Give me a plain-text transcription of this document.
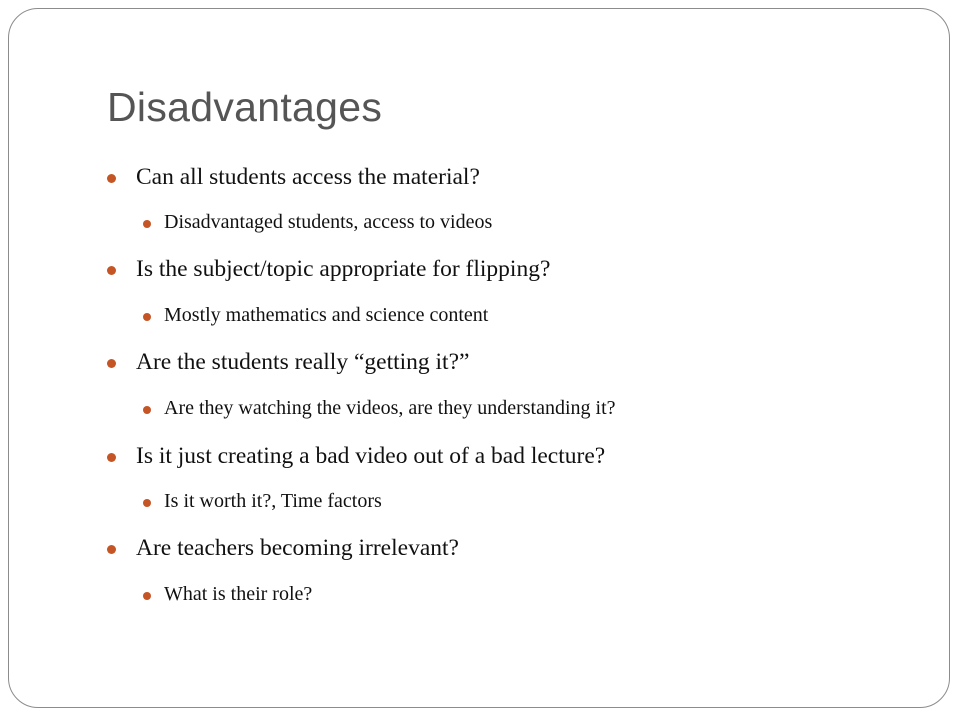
Disadvantages
Can all students access the material?
Disadvantaged students, access to videos
Is the subject/topic appropriate for flipping?
Mostly mathematics and science content
Are the students really “getting it?”
Are they watching the videos, are they understanding it?
Is it just creating a bad video out of a bad lecture?
Is it worth it?, Time factors
Are teachers becoming irrelevant?
What is their role?
